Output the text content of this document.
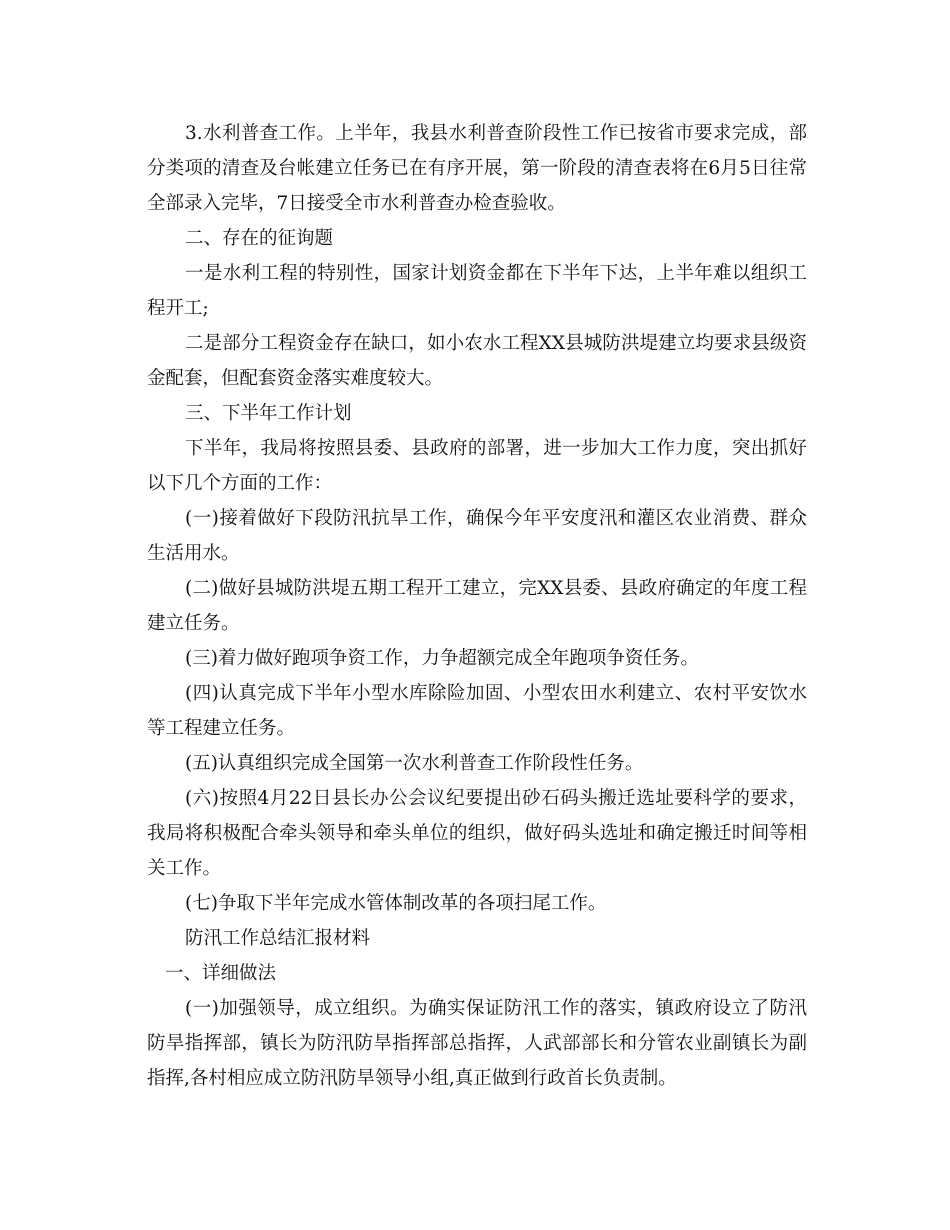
3.水利普查工作。上半年，我县水利普查阶段性工作已按省市要求完成，部分类项的清查及台帐建立任务已在有序开展，第一阶段的清查表将在6月5日往常全部录入完毕，7日接受全市水利普查办检查验收。

二、存在的征询题

一是水利工程的特别性，国家计划资金都在下半年下达，上半年难以组织工程开工;

二是部分工程资金存在缺口，如小农水工程XX县城防洪堤建立均要求县级资金配套，但配套资金落实难度较大。

三、下半年工作计划

下半年，我局将按照县委、县政府的部署，进一步加大工作力度，突出抓好以下几个方面的工作：

(一)接着做好下段防汛抗旱工作，确保今年平安度汛和灌区农业消费、群众生活用水。

(二)做好县城防洪堤五期工程开工建立，完XX县委、县政府确定的年度工程建立任务。

(三)着力做好跑项争资工作，力争超额完成全年跑项争资任务。

(四)认真完成下半年小型水库除险加固、小型农田水利建立、农村平安饮水等工程建立任务。

(五)认真组织完成全国第一次水利普查工作阶段性任务。

(六)按照4月22日县长办公会议纪要提出砂石码头搬迁选址要科学的要求，我局将积极配合牵头领导和牵头单位的组织，做好码头选址和确定搬迁时间等相关工作。

(七)争取下半年完成水管体制改革的各项扫尾工作。

防汛工作总结汇报材料

一、详细做法

(一)加强领导，成立组织。为确实保证防汛工作的落实，镇政府设立了防汛防旱指挥部，镇长为防汛防旱指挥部总指挥，人武部部长和分管农业副镇长为副指挥,各村相应成立防汛防旱领导小组,真正做到行政首长负责制。
